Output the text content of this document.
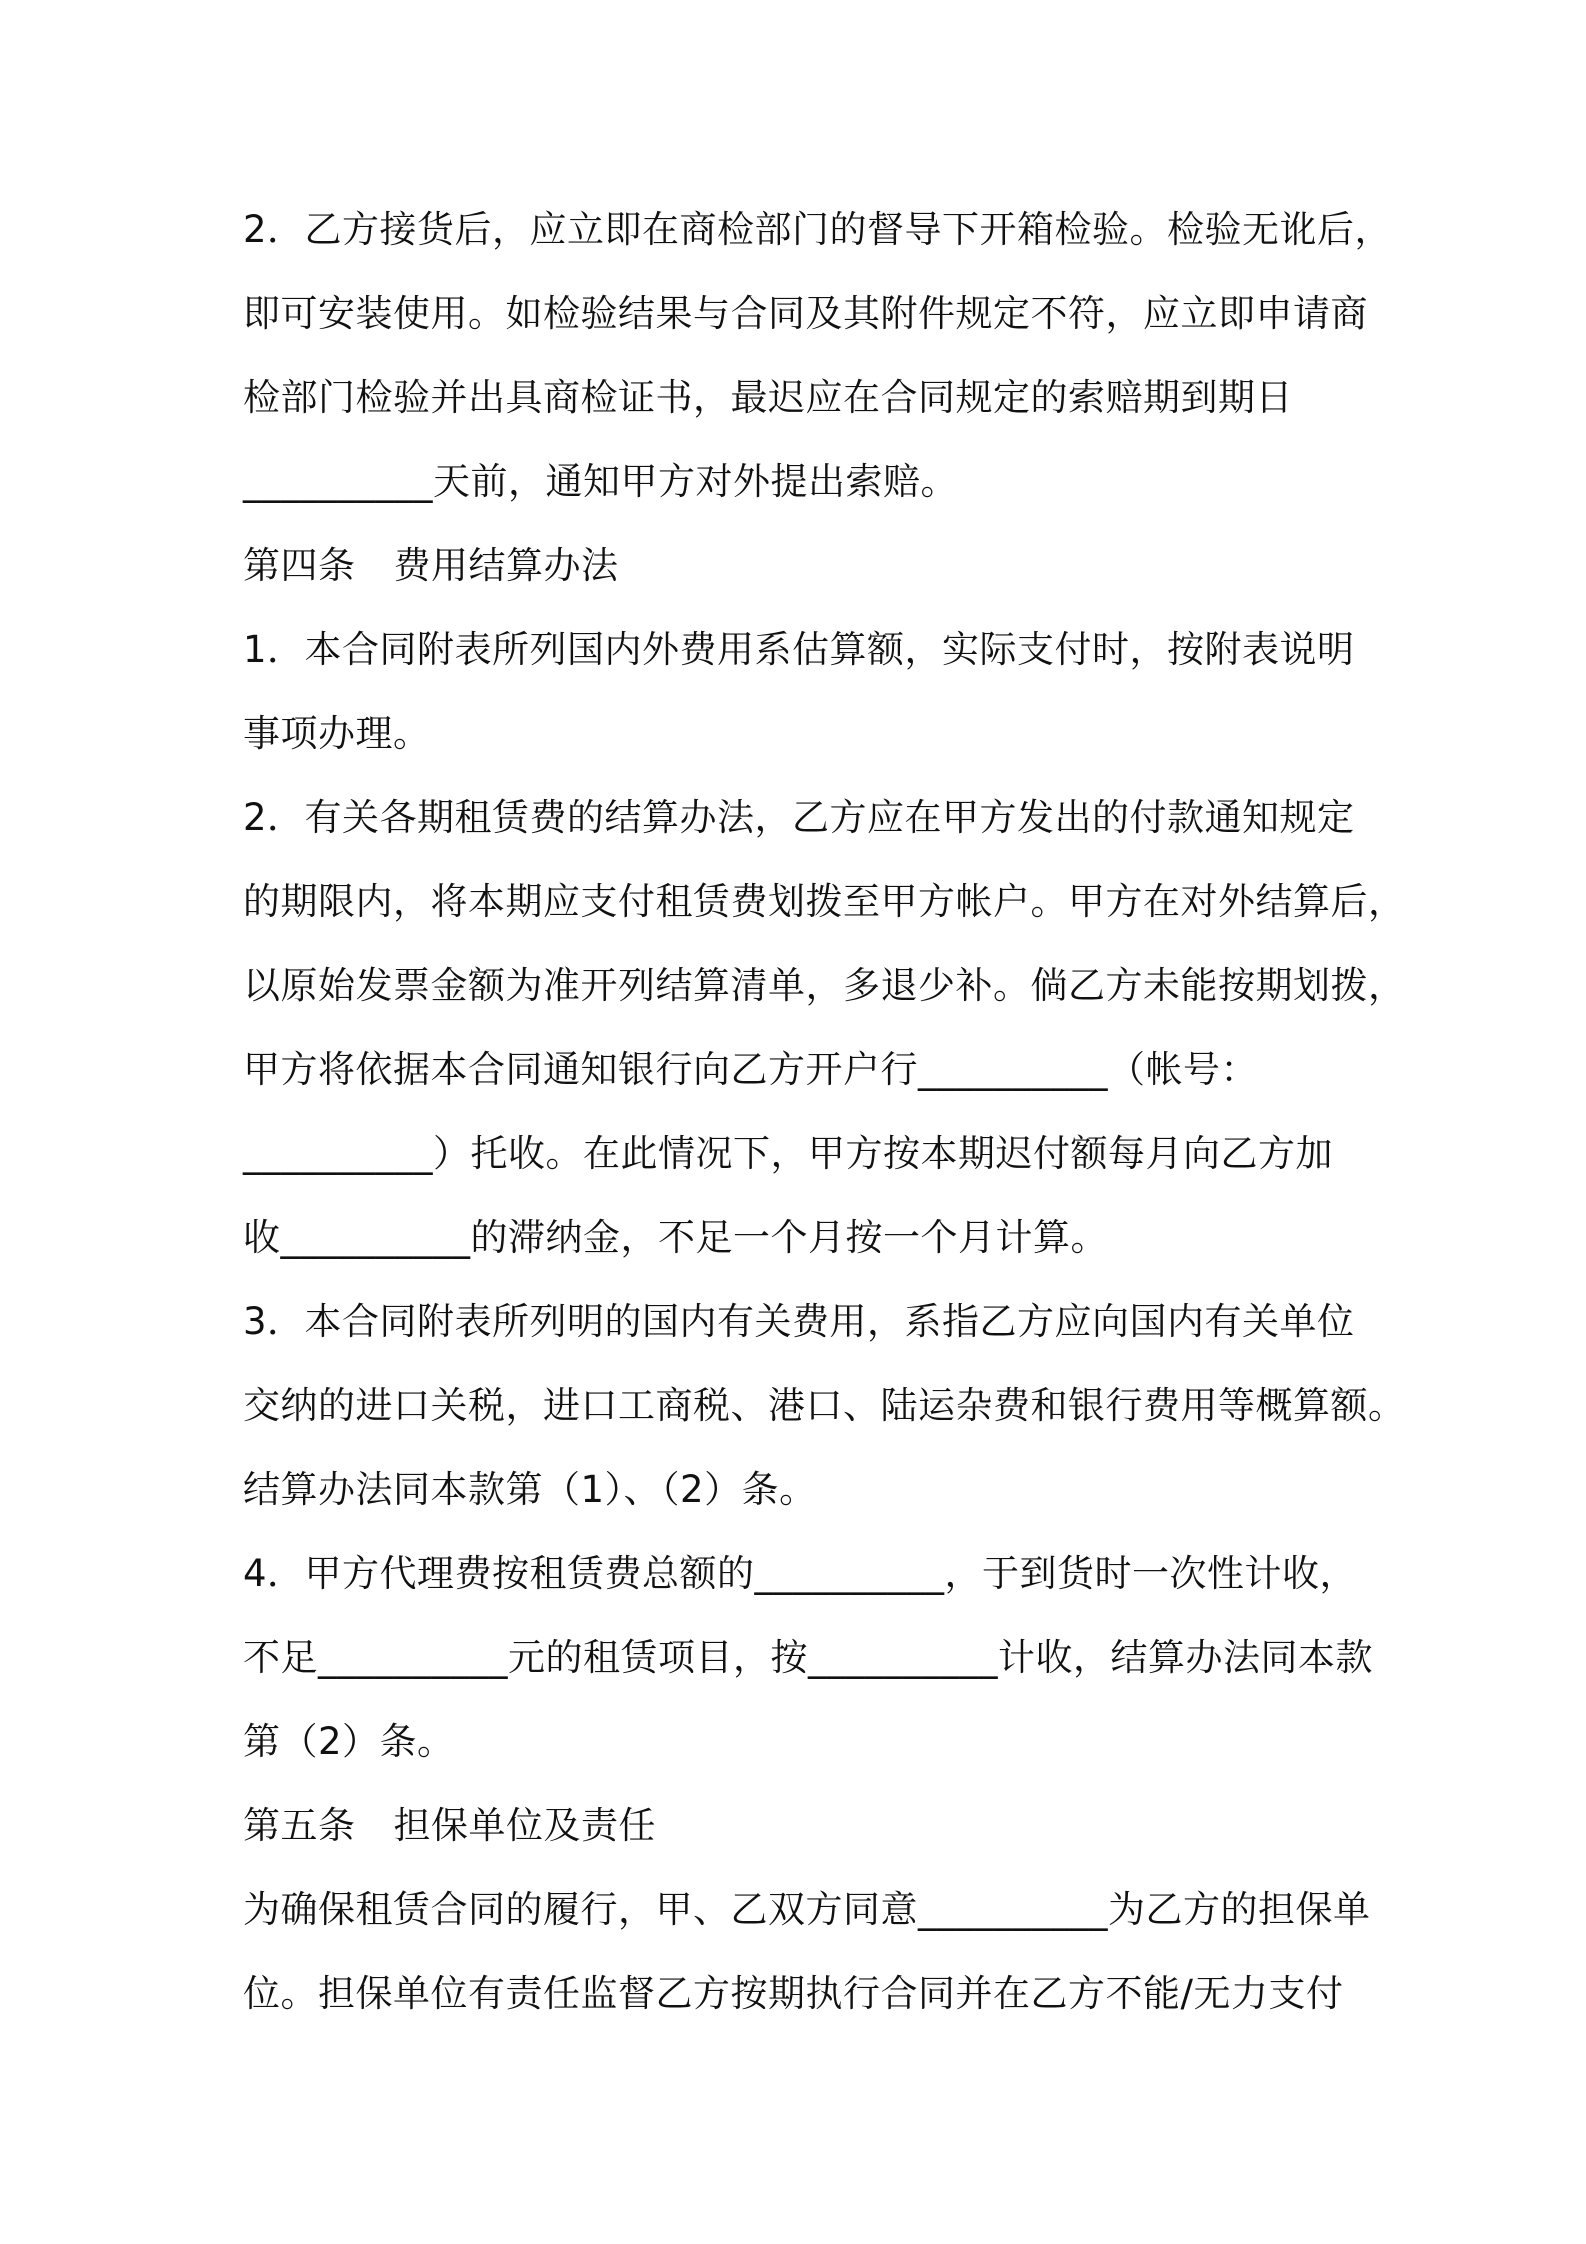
2．乙方接货后，应立即在商检部门的督导下开箱检验。检验无讹后，
即可安装使用。如检验结果与合同及其附件规定不符，应立即申请商
检部门检验并出具商检证书，最迟应在合同规定的索赔期到期日
__________天前，通知甲方对外提出索赔。
第四条 费用结算办法
1．本合同附表所列国内外费用系估算额，实际支付时，按附表说明
事项办理。
2．有关各期租赁费的结算办法，乙方应在甲方发出的付款通知规定
的期限内，将本期应支付租赁费划拨至甲方帐户。甲方在对外结算后，
以原始发票金额为准开列结算清单，多退少补。倘乙方未能按期划拨，
甲方将依据本合同通知银行向乙方开户行__________（帐号：
__________）托收。在此情况下，甲方按本期迟付额每月向乙方加
收__________的滞纳金，不足一个月按一个月计算。
3．本合同附表所列明的国内有关费用，系指乙方应向国内有关单位
交纳的进口关税，进口工商税、港口、陆运杂费和银行费用等概算额。
结算办法同本款第（1）、（2）条。
4．甲方代理费按租赁费总额的__________，于到货时一次性计收，
不足__________元的租赁项目，按__________计收，结算办法同本款
第（2）条。
第五条 担保单位及责任
为确保租赁合同的履行，甲、乙双方同意__________为乙方的担保单
位。担保单位有责任监督乙方按期执行合同并在乙方不能/无力支付
